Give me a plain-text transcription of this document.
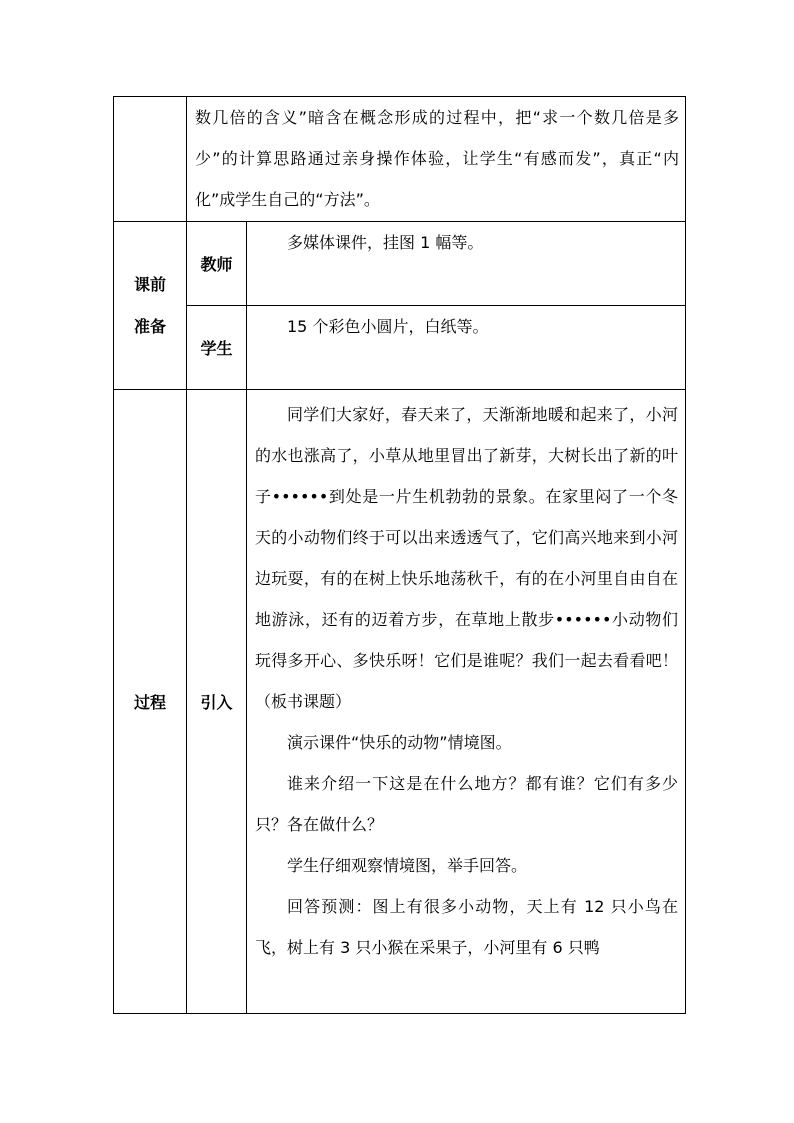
	数几倍的含义”暗含在概念形成的过程中，把“求一个数几倍是多少”的计算思路通过亲身操作体验，让学生“有感而发”，真正“内化”成学生自己的“方法”。	

课前
准备	教师	多媒体课件，挂图 1 幅等。

	学生	15 个彩色小圆片，白纸等。

过程	引入	同学们大家好，春天来了，天渐渐地暖和起来了，小河的水也涨高了，小草从地里冒出了新芽，大树长出了新的叶子••••••到处是一片生机勃勃的景象。在家里闷了一个冬天的小动物们终于可以出来透透气了，它们高兴地来到小河边玩耍，有的在树上快乐地荡秋千，有的在小河里自由自在地游泳，还有的迈着方步，在草地上散步••••••小动物们玩得多开心、多快乐呀！它们是谁呢？我们一起去看看吧！（板书课题）

演示课件“快乐的动物”情境图。

谁来介绍一下这是在什么地方？都有谁？它们有多少只？各在做什么？

学生仔细观察情境图，举手回答。

回答预测：图上有很多小动物，天上有 12 只小鸟在飞，树上有 3 只小猴在采果子，小河里有 6 只鸭
